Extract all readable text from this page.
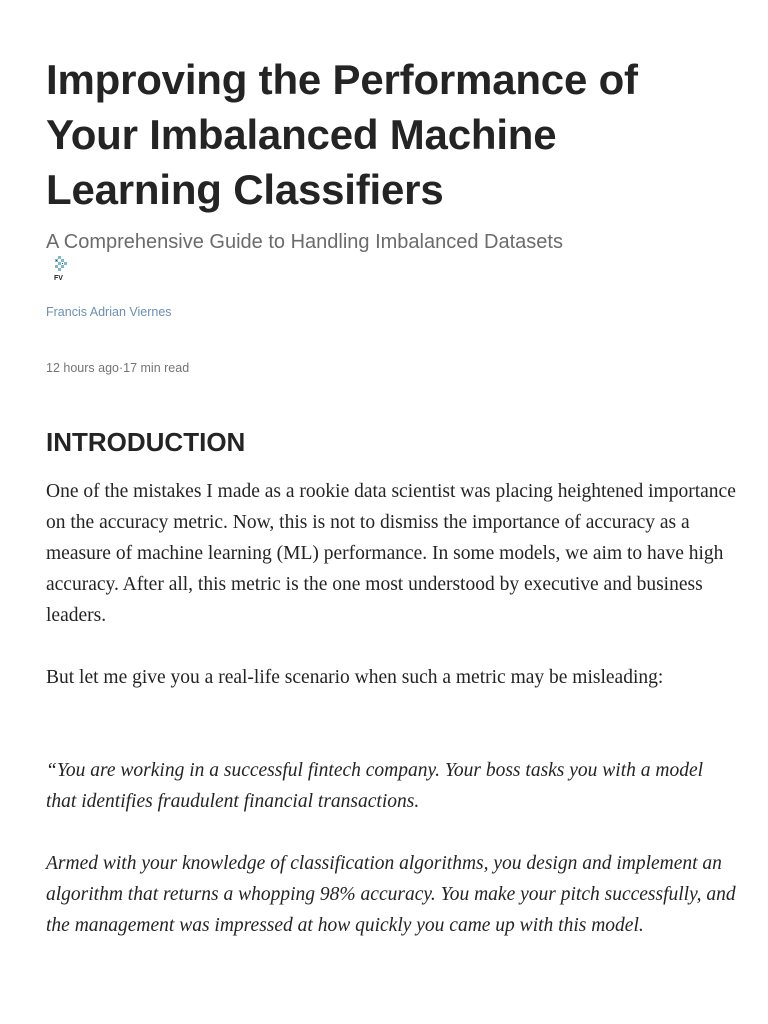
Improving the Performance of Your Imbalanced Machine Learning Classifiers
A Comprehensive Guide to Handling Imbalanced Datasets
FV
Francis Adrian Viernes
12 hours ago·17 min read
INTRODUCTION

One of the mistakes I made as a rookie data scientist was placing heightened importance on the accuracy metric. Now, this is not to dismiss the importance of accuracy as a measure of machine learning (ML) performance. In some models, we aim to have high accuracy. After all, this metric is the one most understood by executive and business leaders.

But let me give you a real-life scenario when such a metric may be misleading:

“You are working in a successful fintech company. Your boss tasks you with a model that identifies fraudulent financial transactions.

Armed with your knowledge of classification algorithms, you design and implement an algorithm that returns a whopping 98% accuracy. You make your pitch successfully, and the management was impressed at how quickly you came up with this model.
